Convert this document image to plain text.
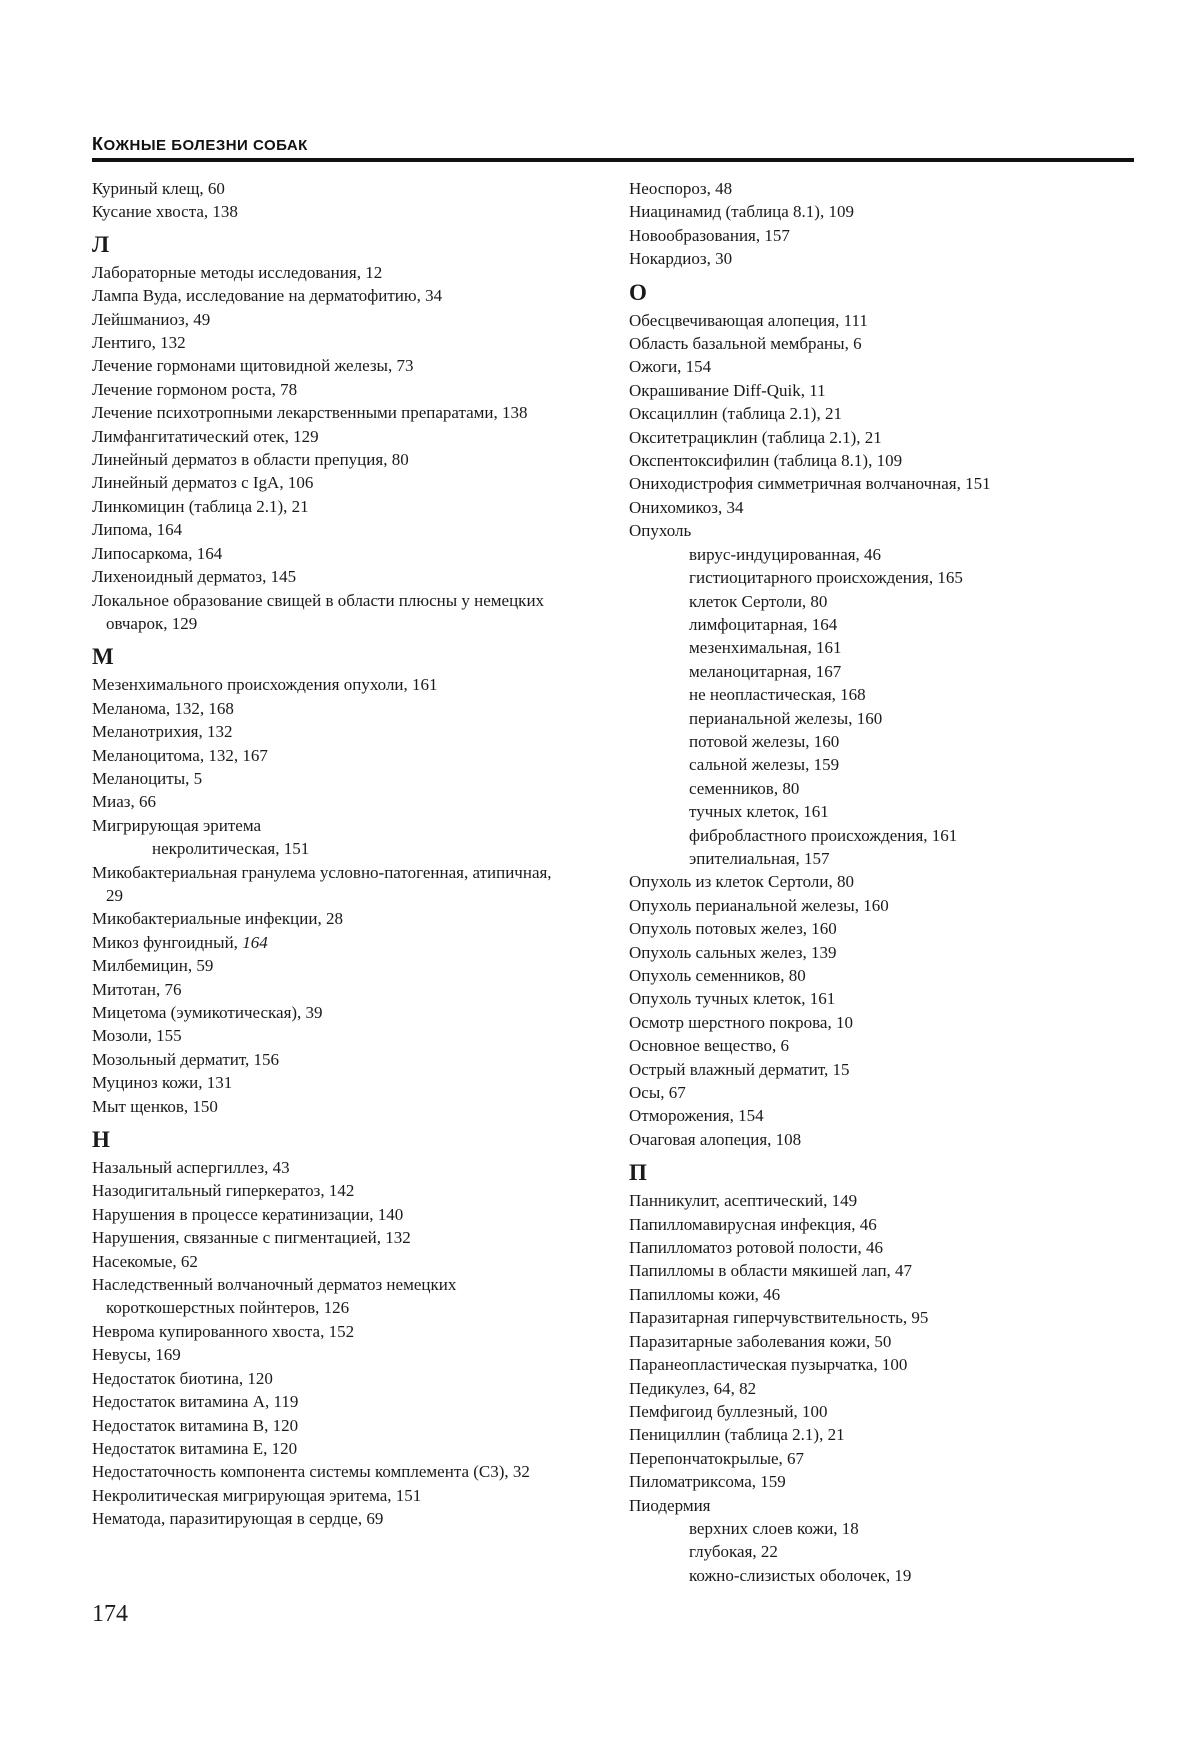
КОЖНЫЕ БОЛЕЗНИ СОБАК
Куриный клещ, 60
Кусание хвоста, 138
Л
Лабораторные методы исследования, 12
Лампа Вуда, исследование на дерматофитию, 34
Лейшманиоз, 49
Лентиго, 132
Лечение гормонами щитовидной железы, 73
Лечение гормоном роста, 78
Лечение психотропными лекарственными препаратами, 138
Лимфангитатический отек, 129
Линейный дерматоз в области препуция, 80
Линейный дерматоз с IgA, 106
Линкомицин (таблица 2.1), 21
Липома, 164
Липосаркома, 164
Лихеноидный дерматоз, 145
Локальное образование свищей в области плюсны у немецких овчарок, 129
М
Мезенхимального происхождения опухоли, 161
Меланома, 132, 168
Меланотрихия, 132
Меланоцитома, 132, 167
Меланоциты, 5
Миаз, 66
Мигрирующая эритема
некролитическая, 151
Микобактериальная гранулема условно-патогенная, атипичная, 29
Микобактериальные инфекции, 28
Микоз фунгоидный, 164
Милбемицин, 59
Митотан, 76
Мицетома (эумикотическая), 39
Мозоли, 155
Мозольный дерматит, 156
Муциноз кожи, 131
Мыт щенков, 150
Н
Назальный аспергиллез, 43
Назодигитальный гиперкератоз, 142
Нарушения в процессе кератинизации, 140
Нарушения, связанные с пигментацией, 132
Насекомые, 62
Наследственный волчаночный дерматоз немецких короткошерстных пойнтеров, 126
Неврома купированного хвоста, 152
Невусы, 169
Недостаток биотина, 120
Недостаток витамина А, 119
Недостаток витамина В, 120
Недостаток витамина Е, 120
Недостаточность компонента системы комплемента (С3), 32
Некролитическая мигрирующая эритема, 151
Нематода, паразитирующая в сердце, 69
Неоспороз, 48
Ниацинамид (таблица 8.1), 109
Новообразования, 157
Нокардиоз, 30
О
Обесцвечивающая алопеция, 111
Область базальной мембраны, 6
Ожоги, 154
Окрашивание Diff-Quik, 11
Оксациллин (таблица 2.1), 21
Окситетрациклин (таблица 2.1), 21
Окспентоксифилин (таблица 8.1), 109
Ониходистрофия симметричная волчаночная, 151
Онихомикоз, 34
Опухоль
вирус-индуцированная, 46
гистиоцитарного происхождения, 165
клеток Сертоли, 80
лимфоцитарная, 164
мезенхимальная, 161
меланоцитарная, 167
не неопластическая, 168
перианальной железы, 160
потовой железы, 160
сальной железы, 159
семенников, 80
тучных клеток, 161
фибробластного происхождения, 161
эпителиальная, 157
Опухоль из клеток Сертоли, 80
Опухоль перианальной железы, 160
Опухоль потовых желез, 160
Опухоль сальных желез, 139
Опухоль семенников, 80
Опухоль тучных клеток, 161
Осмотр шерстного покрова, 10
Основное вещество, 6
Острый влажный дерматит, 15
Осы, 67
Отморожения, 154
Очаговая алопеция, 108
П
Панникулит, асептический, 149
Папилломавирусная инфекция, 46
Папилломатоз ротовой полости, 46
Папилломы в области мякишей лап, 47
Папилломы кожи, 46
Паразитарная гиперчувствительность, 95
Паразитарные заболевания кожи, 50
Паранеопластическая пузырчатка, 100
Педикулез, 64, 82
Пемфигоид буллезный, 100
Пенициллин (таблица 2.1), 21
Перепончатокрылые, 67
Пиломатриксома, 159
Пиодермия
верхних слоев кожи, 18
глубокая, 22
кожно-слизистых оболочек, 19
174
